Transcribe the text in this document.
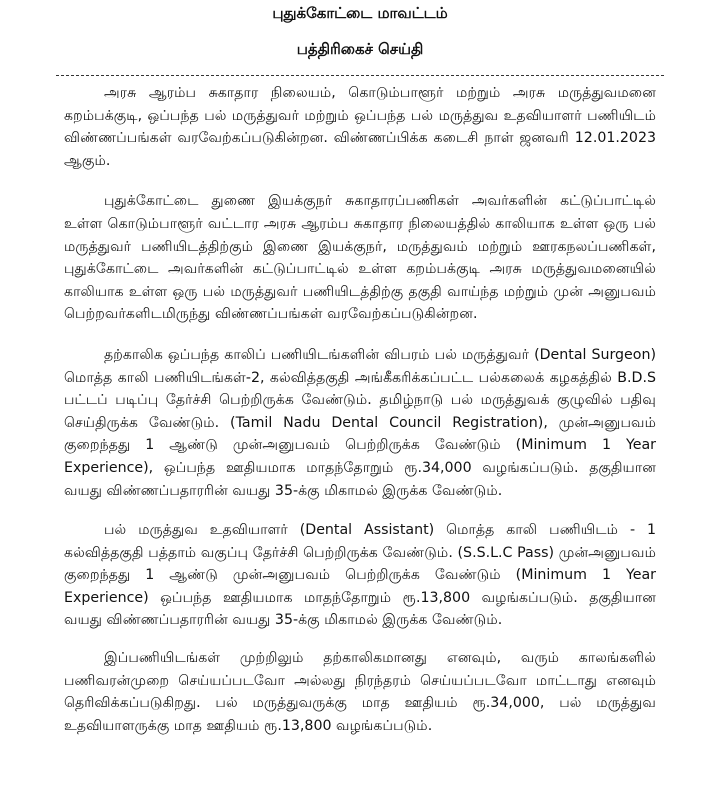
புதுக்கோட்டை மாவட்டம்

பத்திரிகைச் செய்தி

அரசு ஆரம்ப சுகாதார நிலையம், கொடும்பாளூர் மற்றும் அரசு மருத்துவமனை கறம்பக்குடி, ஒப்பந்த பல் மருத்துவர் மற்றும் ஒப்பந்த பல் மருத்துவ உதவியாளர் பணியிடம் விண்ணப்பங்கள் வரவேற்கப்படுகின்றன. விண்ணப்பிக்க கடைசி நாள் ஜனவரி 12.01.2023 ஆகும்.

புதுக்கோட்டை துணை இயக்குநர் சுகாதாரப்பணிகள் அவர்களின் கட்டுப்பாட்டில் உள்ள கொடும்பாளூர் வட்டார அரசு ஆரம்ப சுகாதார நிலையத்தில் காலியாக உள்ள ஒரு பல் மருத்துவர் பணியிடத்திற்கும் இணை இயக்குநர், மருத்துவம் மற்றும் ஊரகநலப்பணிகள், புதுக்கோட்டை அவர்களின் கட்டுப்பாட்டில் உள்ள கறம்பக்குடி அரசு மருத்துவமனையில் காலியாக உள்ள ஒரு பல் மருத்துவர் பணியிடத்திற்கு தகுதி வாய்ந்த மற்றும் முன் அனுபவம் பெற்றவர்களிடமிருந்து விண்ணப்பங்கள் வரவேற்கப்படுகின்றன.

தற்காலிக ஒப்பந்த காலிப் பணியிடங்களின் விபரம் பல் மருத்துவர் (Dental Surgeon) மொத்த காலி பணியிடங்கள்-2, கல்வித்தகுதி அங்கீகரிக்கப்பட்ட பல்கலைக் கழகத்தில் B.D.S பட்டப் படிப்பு தேர்ச்சி பெற்றிருக்க வேண்டும். தமிழ்நாடு பல் மருத்துவக் குழுவில் பதிவு செய்திருக்க வேண்டும். (Tamil Nadu Dental Council Registration), முன்அனுபவம் குறைந்தது 1 ஆண்டு முன்அனுபவம் பெற்றிருக்க வேண்டும் (Minimum 1 Year Experience), ஒப்பந்த ஊதியமாக மாதந்தோறும் ரூ.34,000 வழங்கப்படும். தகுதியான வயது விண்ணப்பதாரரின் வயது 35-க்கு மிகாமல் இருக்க வேண்டும்.

பல் மருத்துவ உதவியாளர் (Dental Assistant) மொத்த காலி பணியிடம் - 1 கல்வித்தகுதி பத்தாம் வகுப்பு தேர்ச்சி பெற்றிருக்க வேண்டும். (S.S.L.C Pass) முன்அனுபவம் குறைந்தது 1 ஆண்டு முன்அனுபவம் பெற்றிருக்க வேண்டும் (Minimum 1 Year Experience) ஒப்பந்த ஊதியமாக மாதந்தோறும் ரூ.13,800 வழங்கப்படும். தகுதியான வயது விண்ணப்பதாரரின் வயது 35-க்கு மிகாமல் இருக்க வேண்டும்.

இப்பணியிடங்கள் முற்றிலும் தற்காலிகமானது எனவும், வரும் காலங்களில் பணிவரன்முறை செய்யப்படவோ அல்லது நிரந்தரம் செய்யப்படவோ மாட்டாது எனவும் தெரிவிக்கப்படுகிறது. பல் மருத்துவருக்கு மாத ஊதியம் ரூ.34,000, பல் மருத்துவ உதவியாளருக்கு மாத ஊதியம் ரூ.13,800 வழங்கப்படும்.
